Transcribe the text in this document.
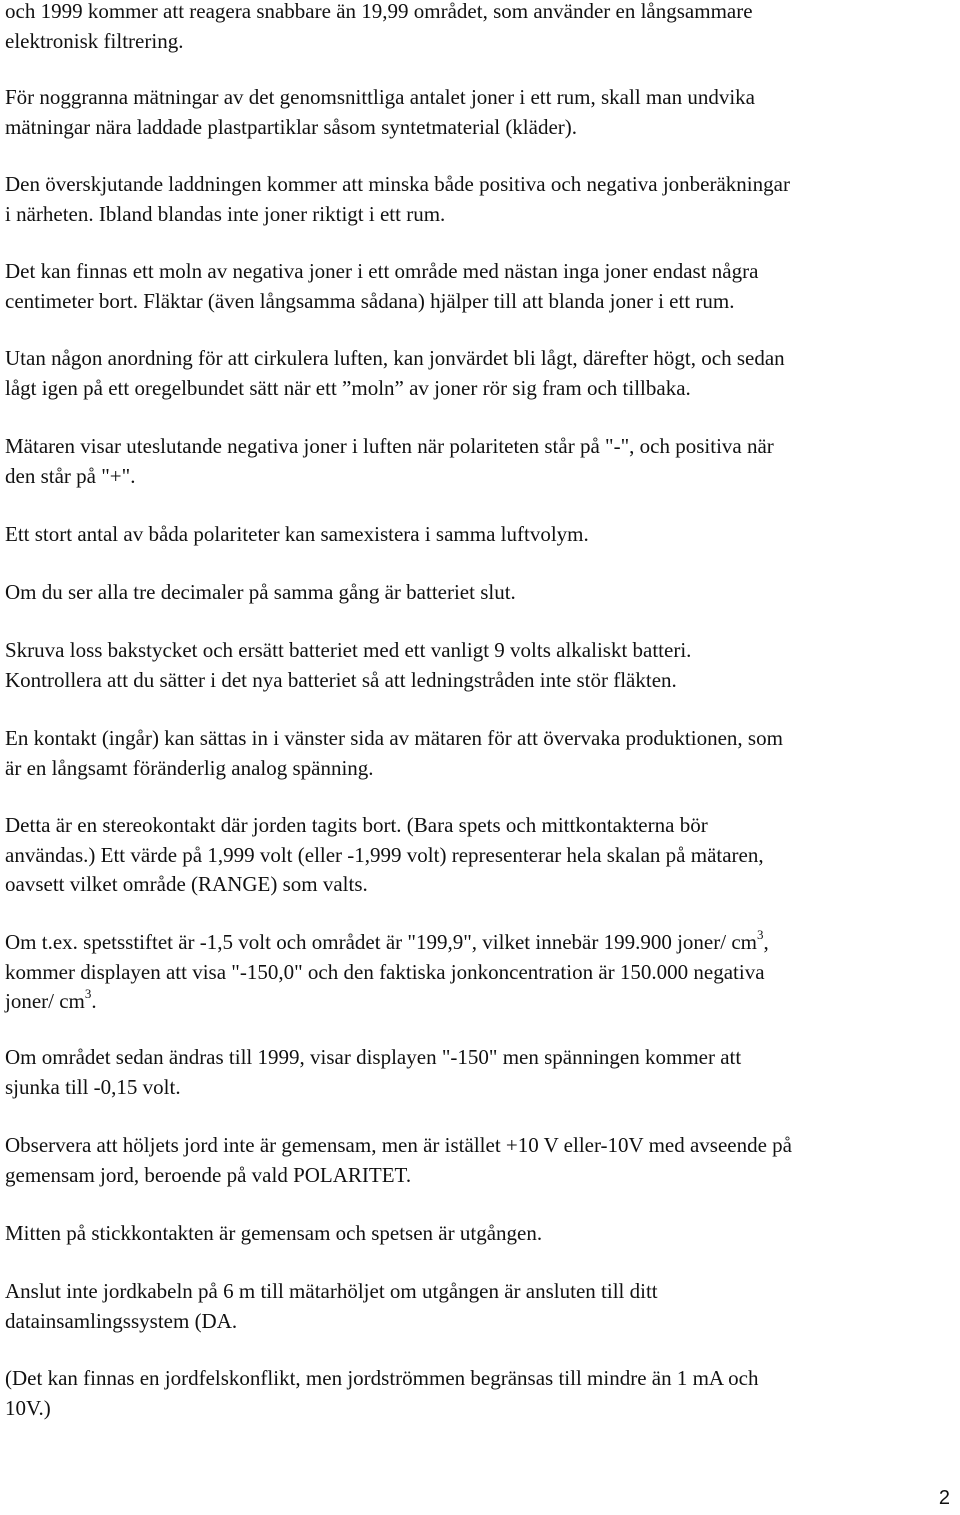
och 1999 kommer att reagera snabbare än 19,99 området, som använder en långsammare
elektronisk filtrering.

För noggranna mätningar av det genomsnittliga antalet joner i ett rum, skall man undvika
mätningar nära laddade plastpartiklar såsom syntetmaterial (kläder).

Den överskjutande laddningen kommer att minska både positiva och negativa jonberäkningar
i närheten. Ibland blandas inte joner riktigt i ett rum.

Det kan finnas ett moln av negativa joner i ett område med nästan inga joner endast några
centimeter bort. Fläktar (även långsamma sådana) hjälper till att blanda joner i ett rum.

Utan någon anordning för att cirkulera luften, kan jonvärdet bli lågt, därefter högt, och sedan
lågt igen på ett oregelbundet sätt när ett ”moln” av joner rör sig fram och tillbaka.

Mätaren visar uteslutande negativa joner i luften när polariteten står på "-", och positiva när
den står på "+".

Ett stort antal av båda polariteter kan samexistera i samma luftvolym.

Om du ser alla tre decimaler på samma gång är batteriet slut.

Skruva loss bakstycket och ersätt batteriet med ett vanligt 9 volts alkaliskt batteri.
Kontrollera att du sätter i det nya batteriet så att ledningstråden inte stör fläkten.

En kontakt (ingår) kan sättas in i vänster sida av mätaren för att övervaka produktionen, som
är en långsamt föränderlig analog spänning.

Detta är en stereokontakt där jorden tagits bort. (Bara spets och mittkontakterna bör
användas.) Ett värde på 1,999 volt (eller -1,999 volt) representerar hela skalan på mätaren,
oavsett vilket område (RANGE) som valts.

Om t.ex. spetsstiftet är -1,5 volt och området är "199,9", vilket innebär 199.900 joner/ $cm^3$,
kommer displayen att visa "-150,0" och den faktiska jonkoncentration är 150.000 negativa
joner/ $cm^3$.

Om området sedan ändras till 1999, visar displayen "-150" men spänningen kommer att
sjunka till -0,15 volt.

Observera att höljets jord inte är gemensam, men är istället +10 V eller-10V med avseende på
gemensam jord, beroende på vald POLARITET.

Mitten på stickkontakten är gemensam och spetsen är utgången.

Anslut inte jordkabeln på 6 m till mätarhöljet om utgången är ansluten till ditt
datainsamlingssystem (DA.

(Det kan finnas en jordfelskonflikt, men jordströmmen begränsas till mindre än 1 mA och
10V.)

2
